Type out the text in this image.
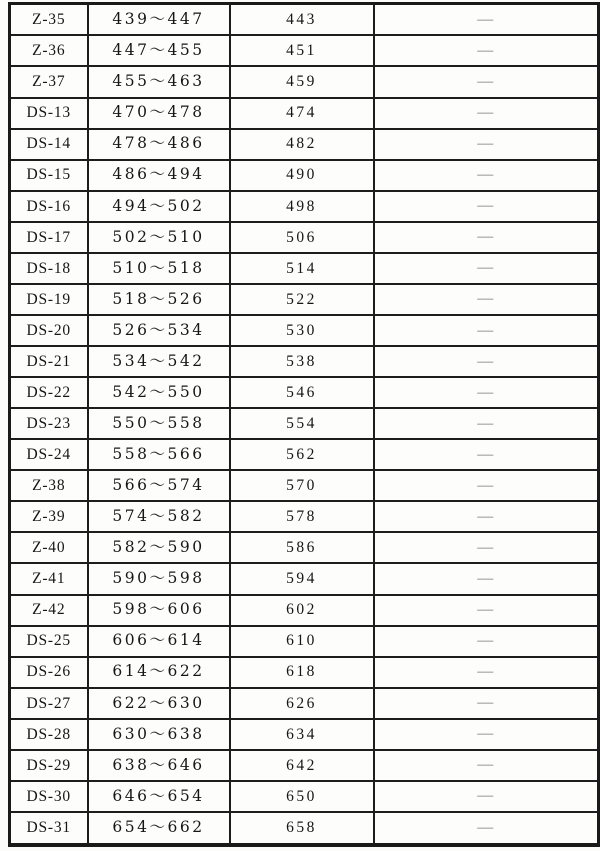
Z-35	439～447	443	—
Z-36	447～455	451	—
Z-37	455～463	459	—
DS-13	470～478	474	—
DS-14	478～486	482	—
DS-15	486～494	490	—
DS-16	494～502	498	—
DS-17	502～510	506	—
DS-18	510～518	514	—
DS-19	518～526	522	—
DS-20	526～534	530	—
DS-21	534～542	538	—
DS-22	542～550	546	—
DS-23	550～558	554	—
DS-24	558～566	562	—
Z-38	566～574	570	—
Z-39	574～582	578	—
Z-40	582～590	586	—
Z-41	590～598	594	—
Z-42	598～606	602	—
DS-25	606～614	610	—
DS-26	614～622	618	—
DS-27	622～630	626	—
DS-28	630～638	634	—
DS-29	638～646	642	—
DS-30	646～654	650	—
DS-31	654～662	658	—
